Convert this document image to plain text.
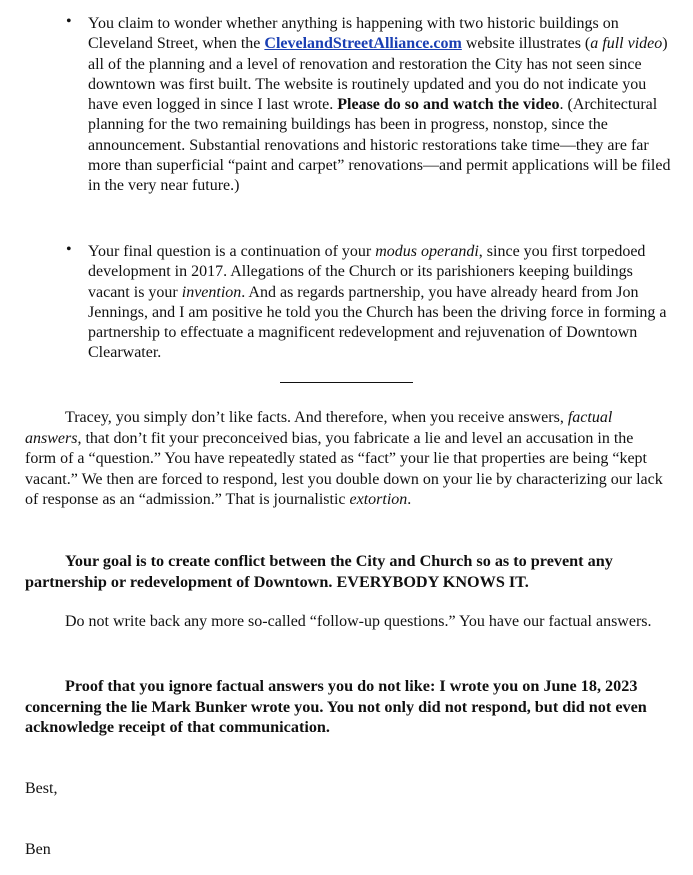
•	You claim to wonder whether anything is happening with two historic buildings on Cleveland Street, when the ClevelandStreetAlliance.com website illustrates (a full video) all of the planning and a level of renovation and restoration the City has not seen since downtown was first built. The website is routinely updated and you do not indicate you have even logged in since I last wrote. Please do so and watch the video. (Architectural planning for the two remaining buildings has been in progress, nonstop, since the announcement. Substantial renovations and historic restorations take time—they are far more than superficial “paint and carpet” renovations—and permit applications will be filed in the very near future.)
•	Your final question is a continuation of your modus operandi, since you first torpedoed development in 2017. Allegations of the Church or its parishioners keeping buildings vacant is your invention. And as regards partnership, you have already heard from Jon Jennings, and I am positive he told you the Church has been the driving force in forming a partnership to effectuate a magnificent redevelopment and rejuvenation of Downtown Clearwater.
Tracey, you simply don’t like facts. And therefore, when you receive answers, factual answers, that don’t fit your preconceived bias, you fabricate a lie and level an accusation in the form of a “question.” You have repeatedly stated as “fact” your lie that properties are being “kept vacant.” We then are forced to respond, lest you double down on your lie by characterizing our lack of response as an “admission.” That is journalistic extortion.
Your goal is to create conflict between the City and Church so as to prevent any partnership or redevelopment of Downtown. EVERYBODY KNOWS IT.
Do not write back any more so-called “follow-up questions.” You have our factual answers.
Proof that you ignore factual answers you do not like: I wrote you on June 18, 2023 concerning the lie Mark Bunker wrote you. You not only did not respond, but did not even acknowledge receipt of that communication.
Best,
Ben
